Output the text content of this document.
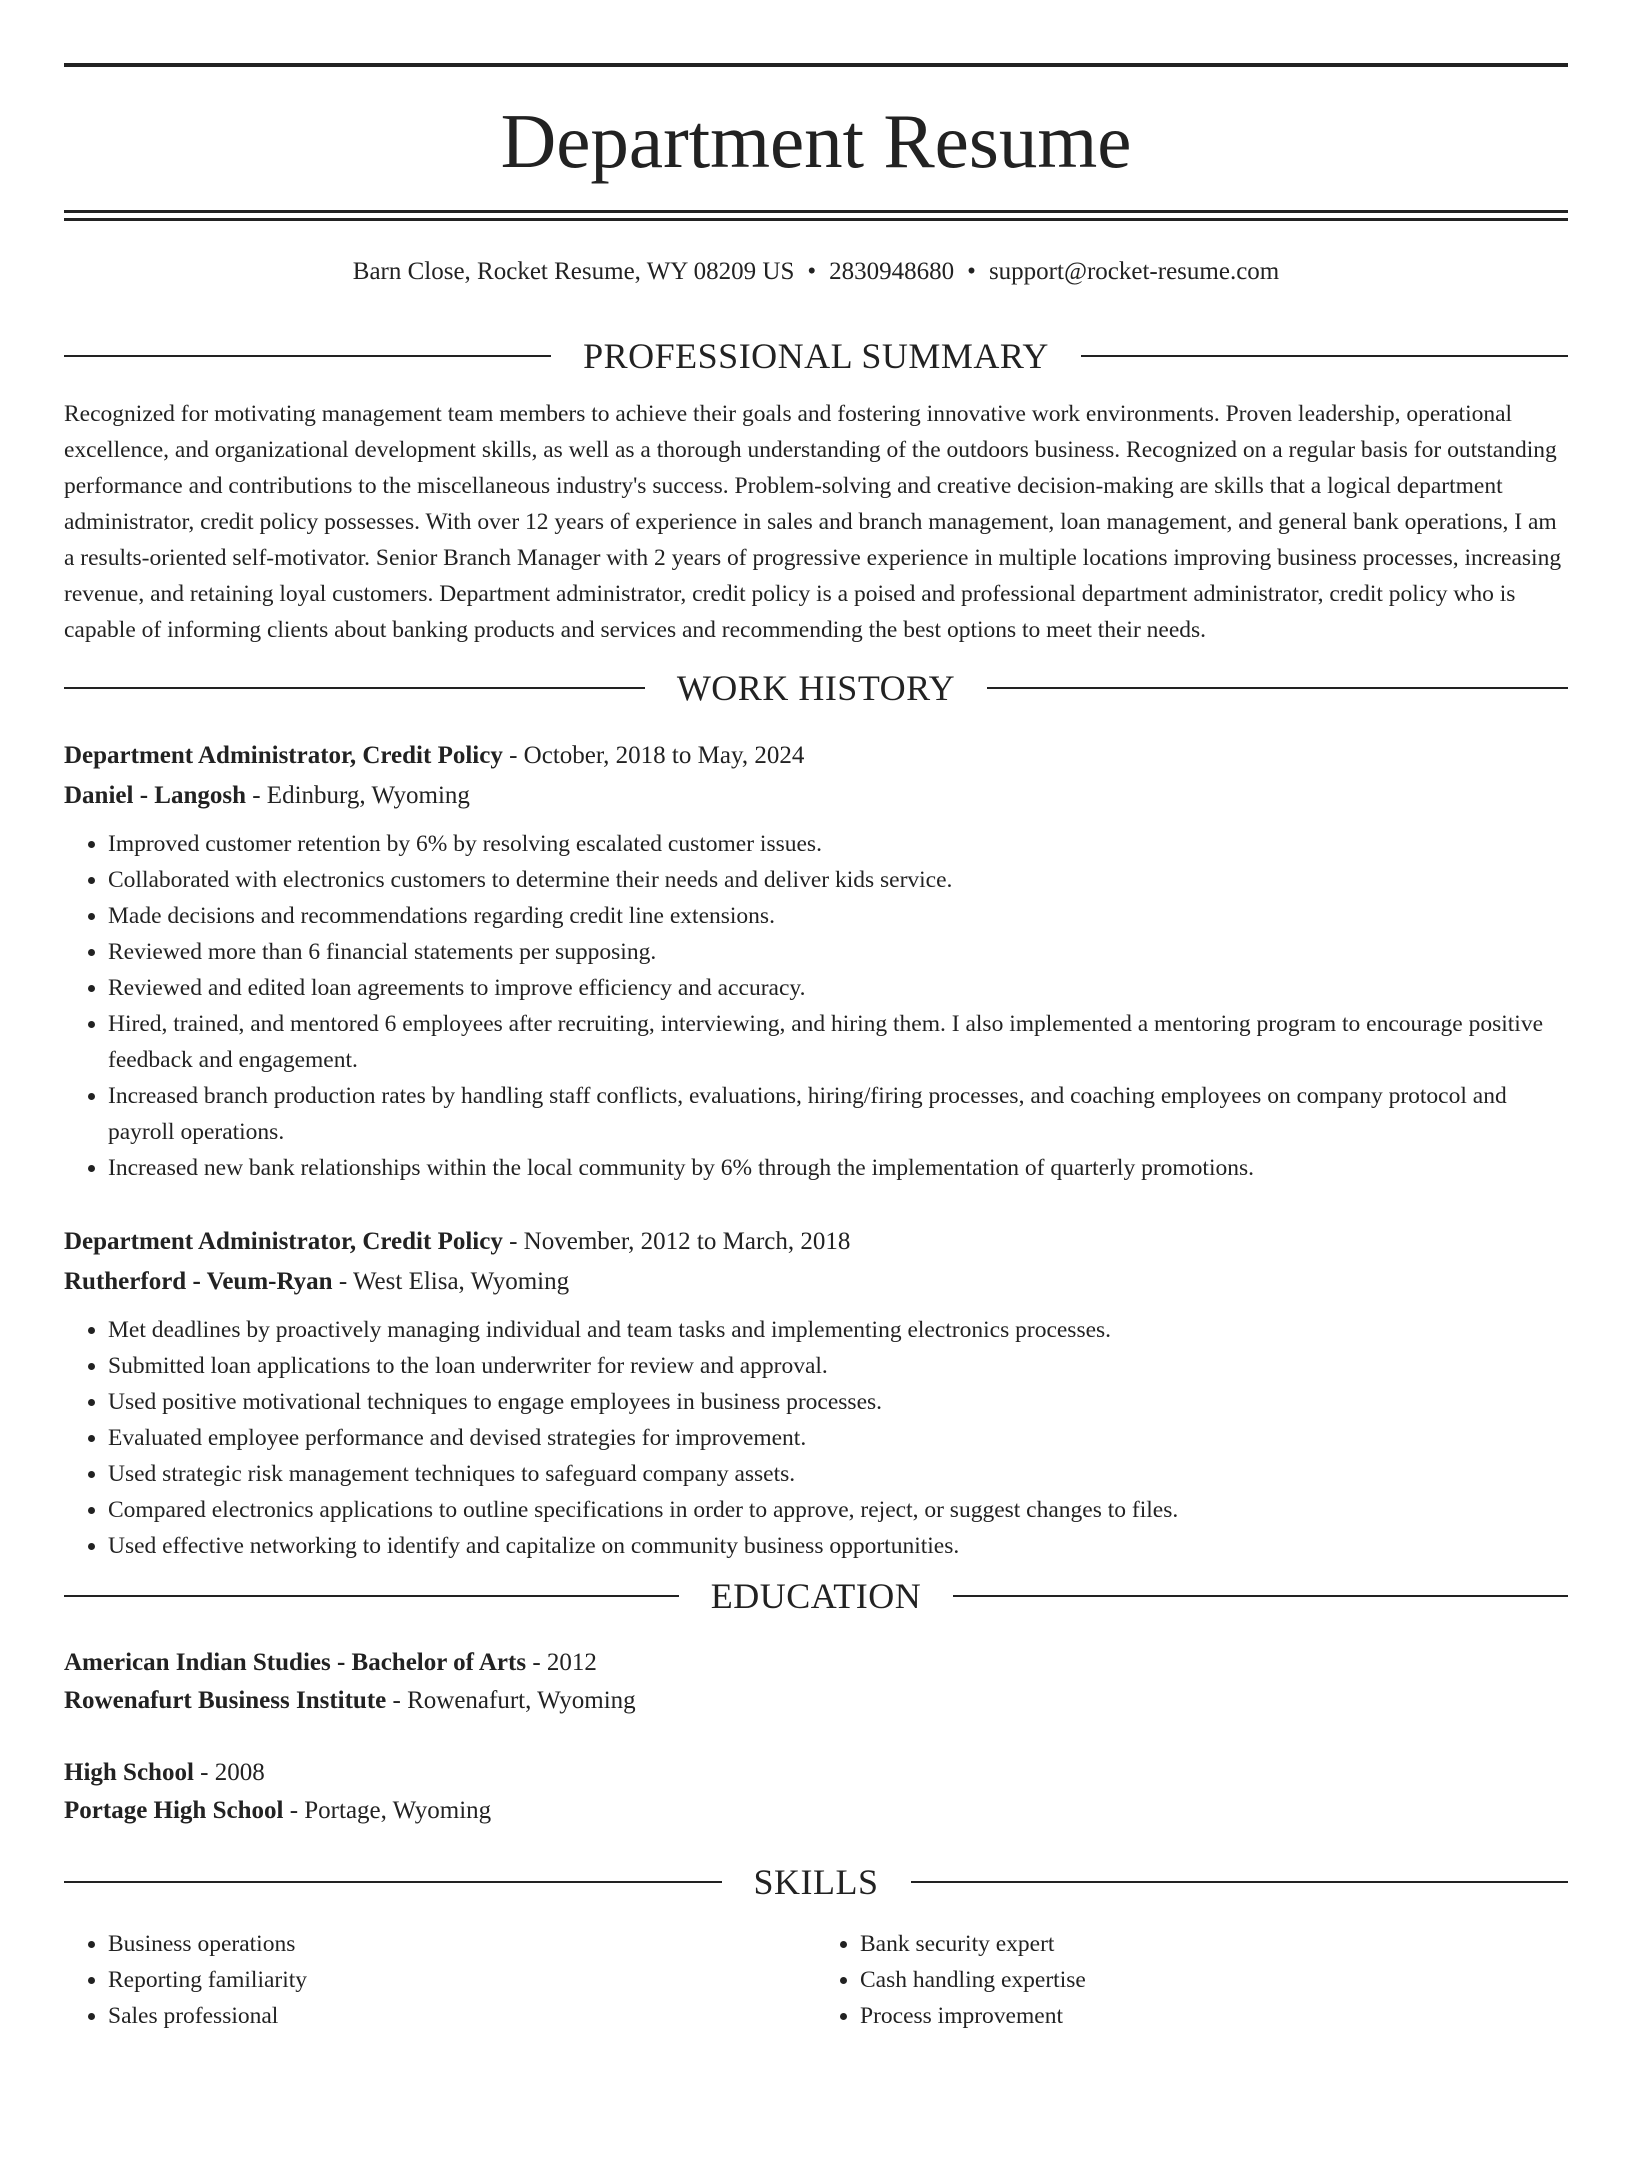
Department Resume
Barn Close, Rocket Resume, WY 08209 US • 2830948680 • support@rocket-resume.com
PROFESSIONAL SUMMARY
Recognized for motivating management team members to achieve their goals and fostering innovative work environments. Proven leadership, operational excellence, and organizational development skills, as well as a thorough understanding of the outdoors business. Recognized on a regular basis for outstanding performance and contributions to the miscellaneous industry's success. Problem-solving and creative decision-making are skills that a logical department administrator, credit policy possesses. With over 12 years of experience in sales and branch management, loan management, and general bank operations, I am a results-oriented self-motivator. Senior Branch Manager with 2 years of progressive experience in multiple locations improving business processes, increasing revenue, and retaining loyal customers. Department administrator, credit policy is a poised and professional department administrator, credit policy who is capable of informing clients about banking products and services and recommending the best options to meet their needs.
WORK HISTORY
Department Administrator, Credit Policy - October, 2018 to May, 2024
Daniel - Langosh - Edinburg, Wyoming
• Improved customer retention by 6% by resolving escalated customer issues.
• Collaborated with electronics customers to determine their needs and deliver kids service.
• Made decisions and recommendations regarding credit line extensions.
• Reviewed more than 6 financial statements per supposing.
• Reviewed and edited loan agreements to improve efficiency and accuracy.
• Hired, trained, and mentored 6 employees after recruiting, interviewing, and hiring them. I also implemented a mentoring program to encourage positive feedback and engagement.
• Increased branch production rates by handling staff conflicts, evaluations, hiring/firing processes, and coaching employees on company protocol and payroll operations.
• Increased new bank relationships within the local community by 6% through the implementation of quarterly promotions.
Department Administrator, Credit Policy - November, 2012 to March, 2018
Rutherford - Veum-Ryan - West Elisa, Wyoming
• Met deadlines by proactively managing individual and team tasks and implementing electronics processes.
• Submitted loan applications to the loan underwriter for review and approval.
• Used positive motivational techniques to engage employees in business processes.
• Evaluated employee performance and devised strategies for improvement.
• Used strategic risk management techniques to safeguard company assets.
• Compared electronics applications to outline specifications in order to approve, reject, or suggest changes to files.
• Used effective networking to identify and capitalize on community business opportunities.
EDUCATION
American Indian Studies - Bachelor of Arts - 2012
Rowenafurt Business Institute - Rowenafurt, Wyoming
High School - 2008
Portage High School - Portage, Wyoming
SKILLS
• Business operations
• Reporting familiarity
• Sales professional
• Bank security expert
• Cash handling expertise
• Process improvement
